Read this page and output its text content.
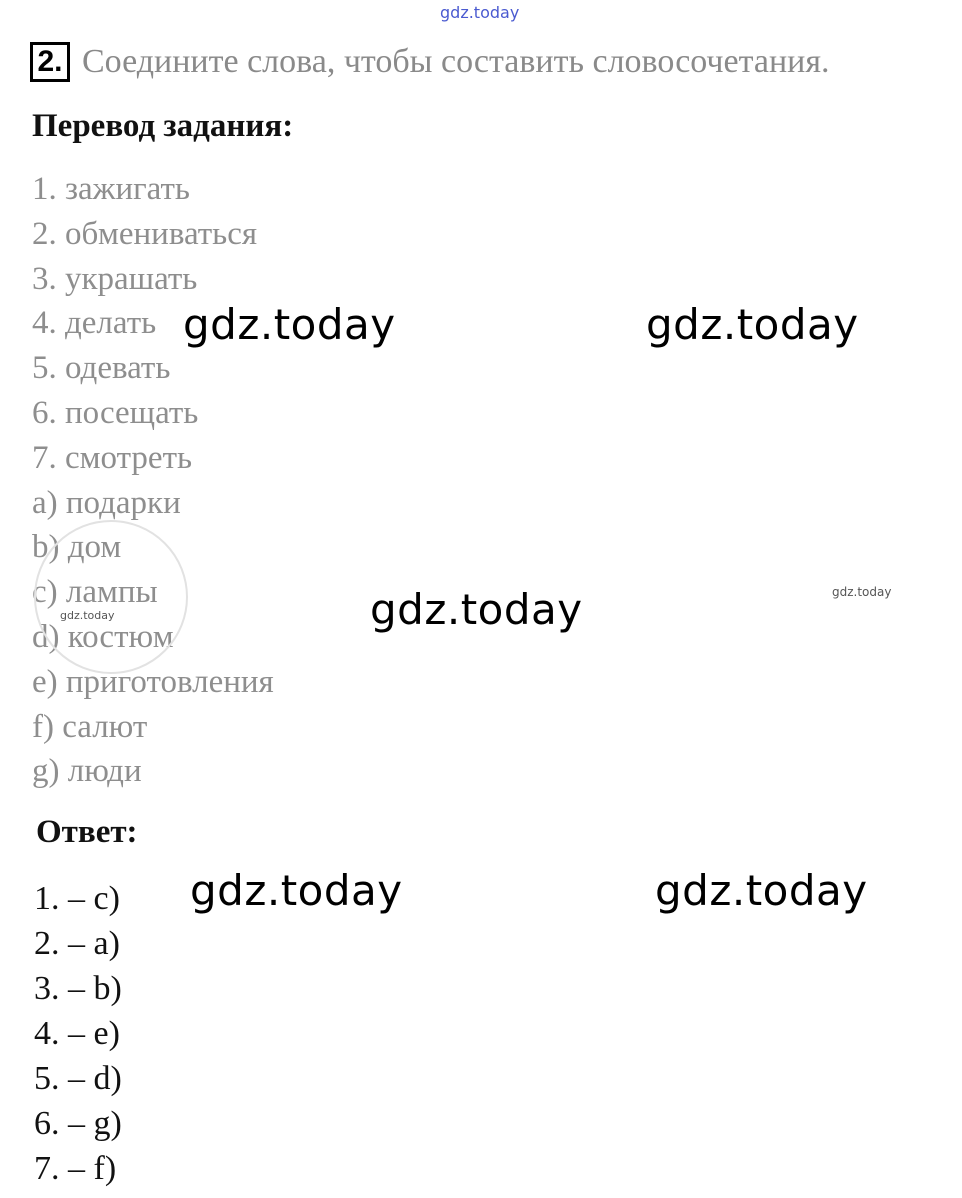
gdz.today
2. Соедините слова, чтобы составить словосочетания.
Перевод задания:
1. зажигать
2. обмениваться
3. украшать
4. делать
5. одевать
6. посещать
7. смотреть
a) подарки
b) дом
c) лампы
d) костюм
e) приготовления
f) салют
g) люди
Ответ:
1. – c)
2. – a)
3. – b)
4. – e)
5. – d)
6. – g)
7. – f)
gdz.today	gdz.today
gdz.today
gdz.today	gdz.today
gdz.today
gdz.today
